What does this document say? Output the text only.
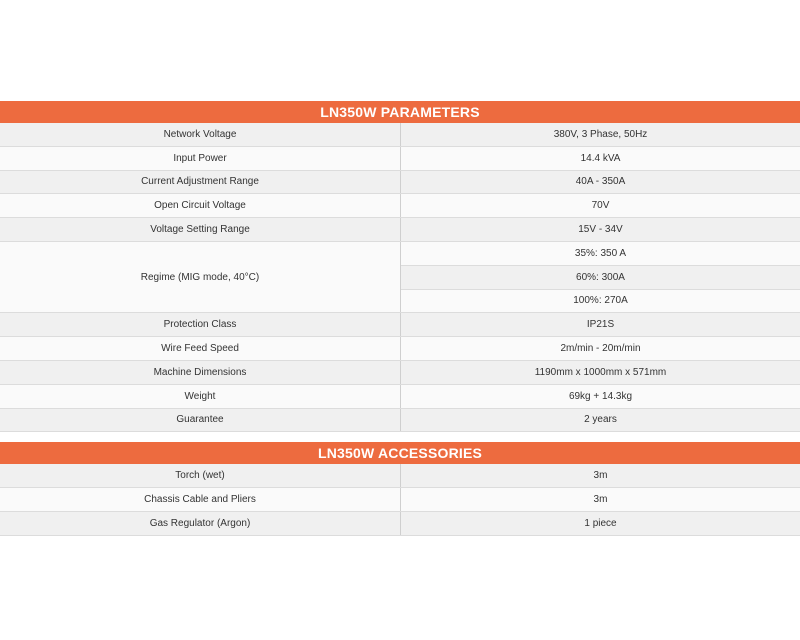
LN350W PARAMETERS
Network Voltage	380V, 3 Phase, 50Hz
Input Power	14.4 kVA
Current Adjustment Range	40A - 350A
Open Circuit Voltage	70V
Voltage Setting Range	15V - 34V
Regime (MIG mode, 40°C)	35%: 350 A
	60%: 300A
	100%: 270A
Protection Class	IP21S
Wire Feed Speed	2m/min - 20m/min
Machine Dimensions	1190mm x 1000mm x 571mm
Weight	69kg + 14.3kg
Guarantee	2 years
LN350W ACCESSORIES
Torch (wet)	3m
Chassis Cable and Pliers	3m
Gas Regulator (Argon)	1 piece
